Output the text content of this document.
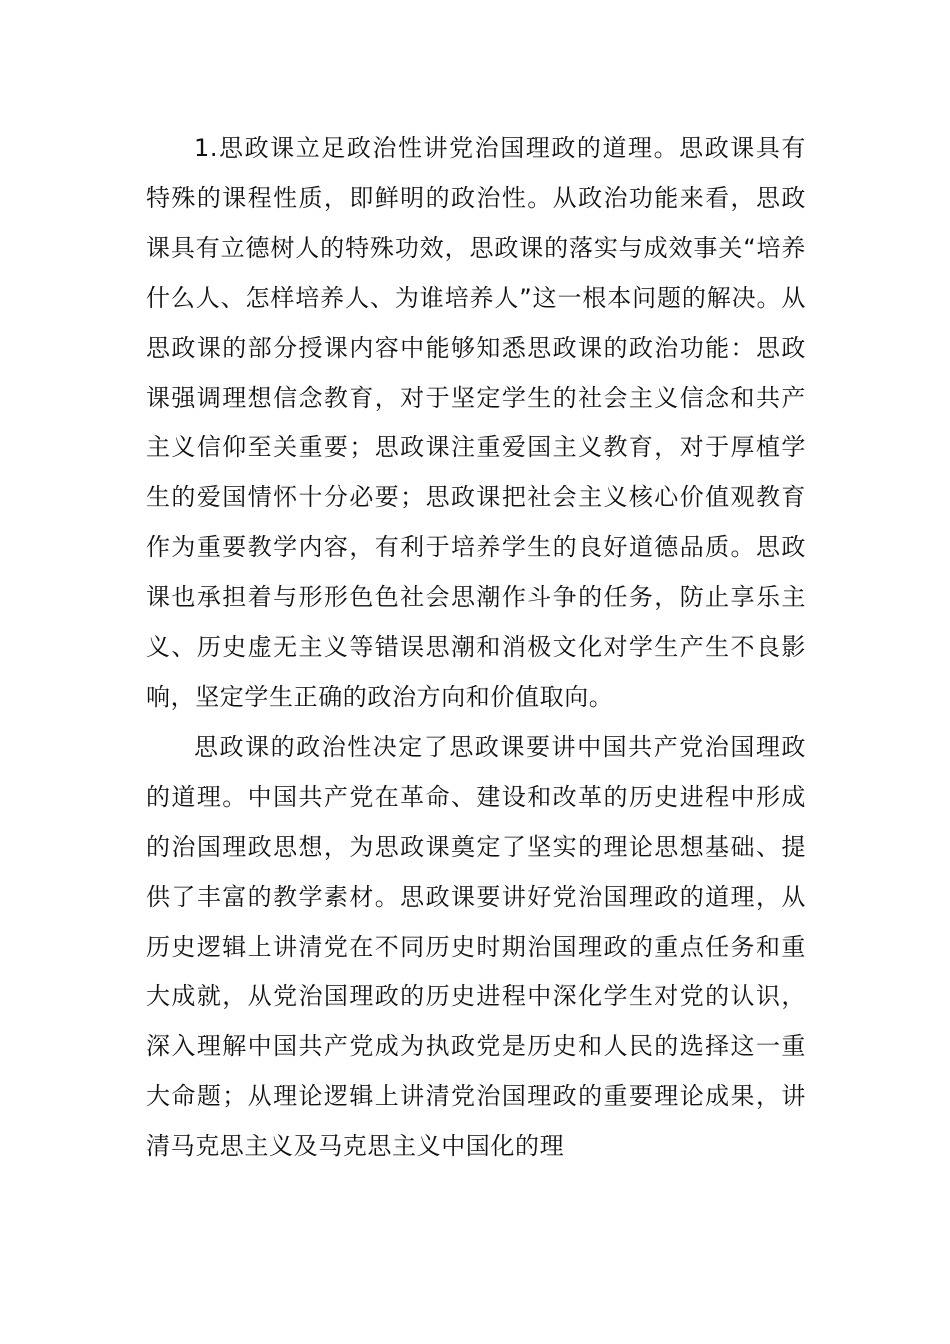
1.思政课立足政治性讲党治国理政的道理。思政课具有特殊的课程性质，即鲜明的政治性。从政治功能来看，思政课具有立德树人的特殊功效，思政课的落实与成效事关“培养什么人、怎样培养人、为谁培养人”这一根本问题的解决。从思政课的部分授课内容中能够知悉思政课的政治功能：思政课强调理想信念教育，对于坚定学生的社会主义信念和共产主义信仰至关重要；思政课注重爱国主义教育，对于厚植学生的爱国情怀十分必要；思政课把社会主义核心价值观教育作为重要教学内容，有利于培养学生的良好道德品质。思政课也承担着与形形色色社会思潮作斗争的任务，防止享乐主义、历史虚无主义等错误思潮和消极文化对学生产生不良影响，坚定学生正确的政治方向和价值取向。

思政课的政治性决定了思政课要讲中国共产党治国理政的道理。中国共产党在革命、建设和改革的历史进程中形成的治国理政思想，为思政课奠定了坚实的理论思想基础、提供了丰富的教学素材。思政课要讲好党治国理政的道理，从历史逻辑上讲清党在不同历史时期治国理政的重点任务和重大成就，从党治国理政的历史进程中深化学生对党的认识，深入理解中国共产党成为执政党是历史和人民的选择这一重大命题；从理论逻辑上讲清党治国理政的重要理论成果，讲清马克思主义及马克思主义中国化的理
